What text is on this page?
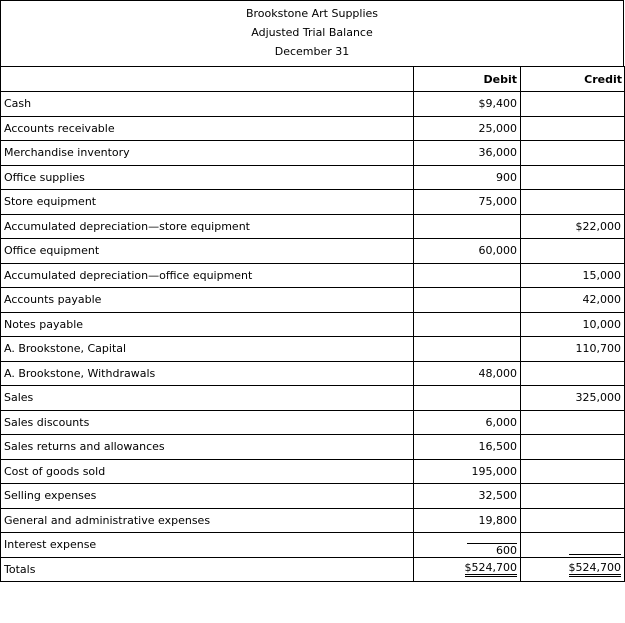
Brookstone Art Supplies
Adjusted Trial Balance
December 31
	Debit	Credit
Cash	$9,400	
Accounts receivable	25,000	
Merchandise inventory	36,000	
Office supplies	900	
Store equipment	75,000	
Accumulated depreciation—store equipment		$22,000
Office equipment	60,000	
Accumulated depreciation—office equipment		15,000
Accounts payable		42,000
Notes payable		10,000
A. Brookstone, Capital		110,700
A. Brookstone, Withdrawals	48,000	
Sales		325,000
Sales discounts	6,000	
Sales returns and allowances	16,500	
Cost of goods sold	195,000	
Selling expenses	32,500	
General and administrative expenses	19,800	
Interest expense	600	
Totals	$524,700	$524,700
